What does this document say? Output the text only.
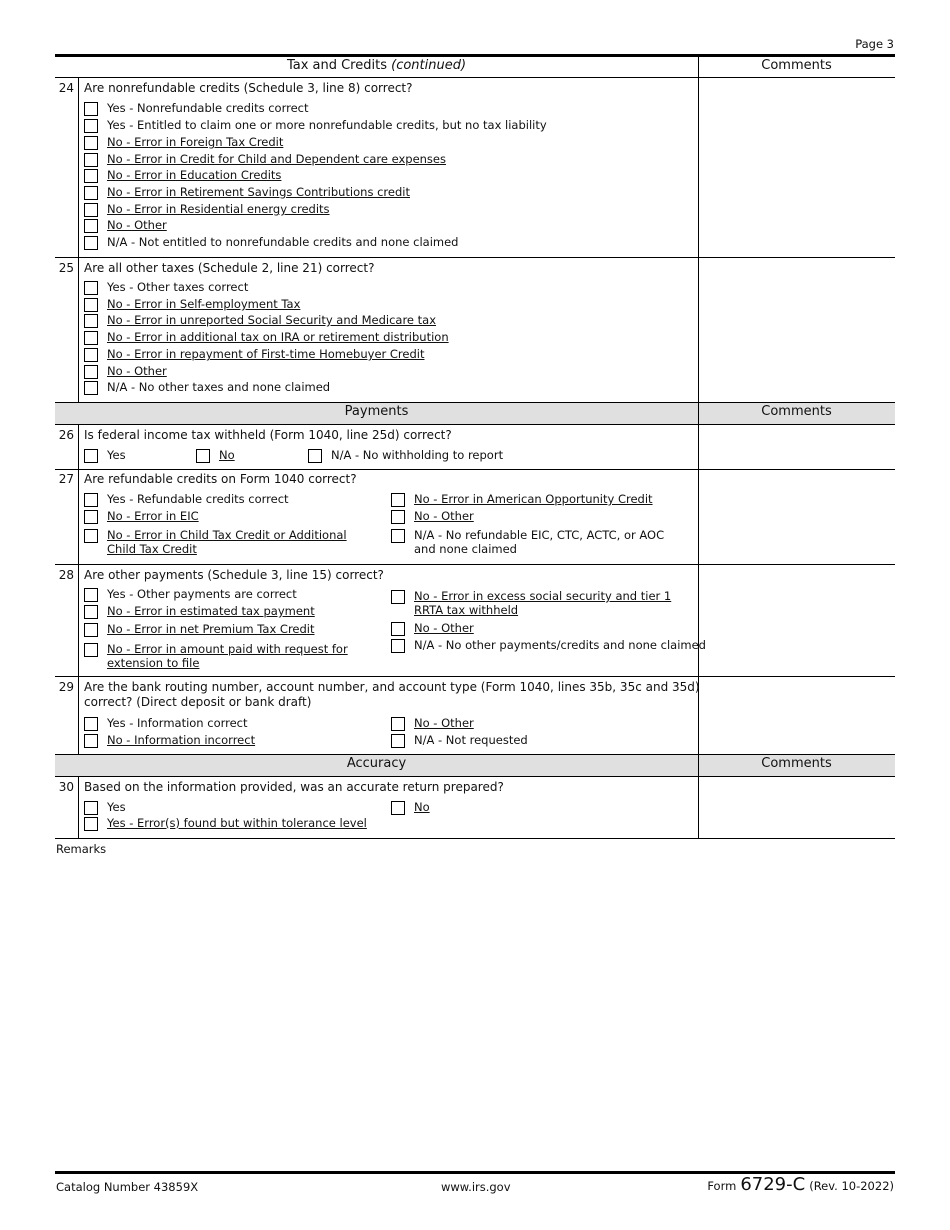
Page 3
Tax and Credits (continued)	Comments
24 Are nonrefundable credits (Schedule 3, line 8) correct?
Yes - Nonrefundable credits correct
Yes - Entitled to claim one or more nonrefundable credits, but no tax liability
No - Error in Foreign Tax Credit
No - Error in Credit for Child and Dependent care expenses
No - Error in Education Credits
No - Error in Retirement Savings Contributions credit
No - Error in Residential energy credits
No - Other
N/A - Not entitled to nonrefundable credits and none claimed
25 Are all other taxes (Schedule 2, line 21) correct?
Yes - Other taxes correct
No - Error in Self-employment Tax
No - Error in unreported Social Security and Medicare tax
No - Error in additional tax on IRA or retirement distribution
No - Error in repayment of First-time Homebuyer Credit
No - Other
N/A - No other taxes and none claimed
Payments	Comments
26 Is federal income tax withheld (Form 1040, line 25d) correct?
Yes	No	N/A - No withholding to report
27 Are refundable credits on Form 1040 correct?
Yes - Refundable credits correct
No - Error in EIC
No - Error in Child Tax Credit or Additional Child Tax Credit
No - Error in American Opportunity Credit
No - Other
N/A - No refundable EIC, CTC, ACTC, or AOC and none claimed
28 Are other payments (Schedule 3, line 15) correct?
Yes - Other payments are correct
No - Error in estimated tax payment
No - Error in net Premium Tax Credit
No - Error in amount paid with request for extension to file
No - Error in excess social security and tier 1 RRTA tax withheld
No - Other
N/A - No other payments/credits and none claimed
29 Are the bank routing number, account number, and account type (Form 1040, lines 35b, 35c and 35d)
correct? (Direct deposit or bank draft)
Yes - Information correct
No - Information incorrect
No - Other
N/A - Not requested
Accuracy	Comments
30 Based on the information provided, was an accurate return prepared?
Yes
Yes - Error(s) found but within tolerance level
No
Remarks
Catalog Number 43859X	www.irs.gov	Form 6729-C (Rev. 10-2022)
